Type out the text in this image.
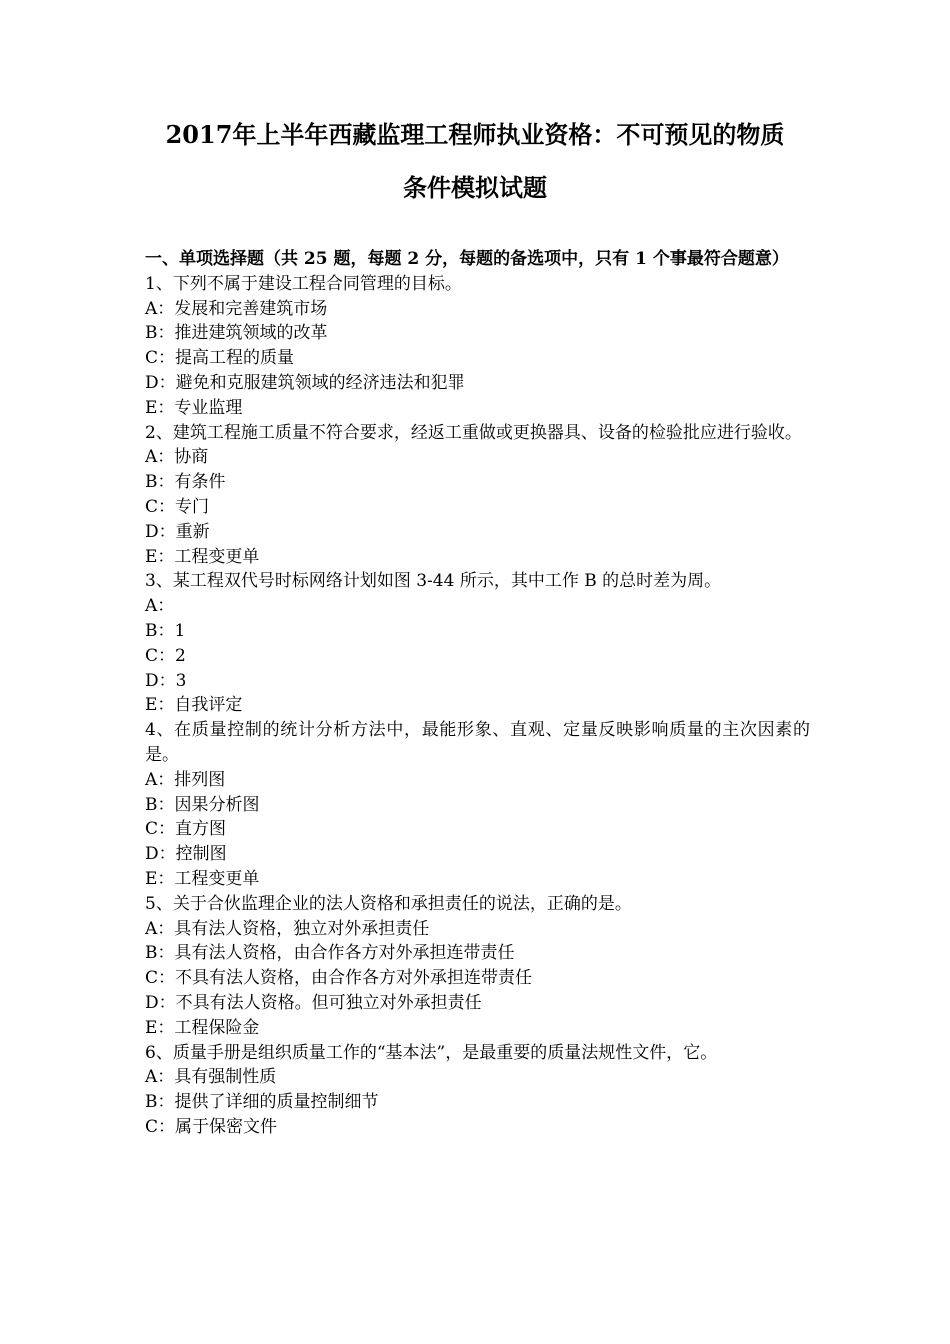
2017年上半年西藏监理工程师执业资格：不可预见的物质
条件模拟试题
一、单项选择题（共 25 题，每题 2 分，每题的备选项中，只有 1 个事最符合题意）
1、下列不属于建设工程合同管理的目标。
A：发展和完善建筑市场
B：推进建筑领域的改革
C：提高工程的质量
D：避免和克服建筑领域的经济违法和犯罪
E：专业监理
2、建筑工程施工质量不符合要求，经返工重做或更换器具、设备的检验批应进行验收。
A：协商
B：有条件
C：专门
D：重新
E：工程变更单
3、某工程双代号时标网络计划如图 3-44 所示，其中工作 B 的总时差为周。
A：
B：1
C：2
D：3
E：自我评定
4、在质量控制的统计分析方法中，最能形象、直观、定量反映影响质量的主次因素的是。
A：排列图
B：因果分析图
C：直方图
D：控制图
E：工程变更单
5、关于合伙监理企业的法人资格和承担责任的说法，正确的是。
A：具有法人资格，独立对外承担责任
B：具有法人资格，由合作各方对外承担连带责任
C：不具有法人资格，由合作各方对外承担连带责任
D：不具有法人资格。但可独立对外承担责任
E：工程保险金
6、质量手册是组织质量工作的“基本法”，是最重要的质量法规性文件，它。
A：具有强制性质
B：提供了详细的质量控制细节
C：属于保密文件
